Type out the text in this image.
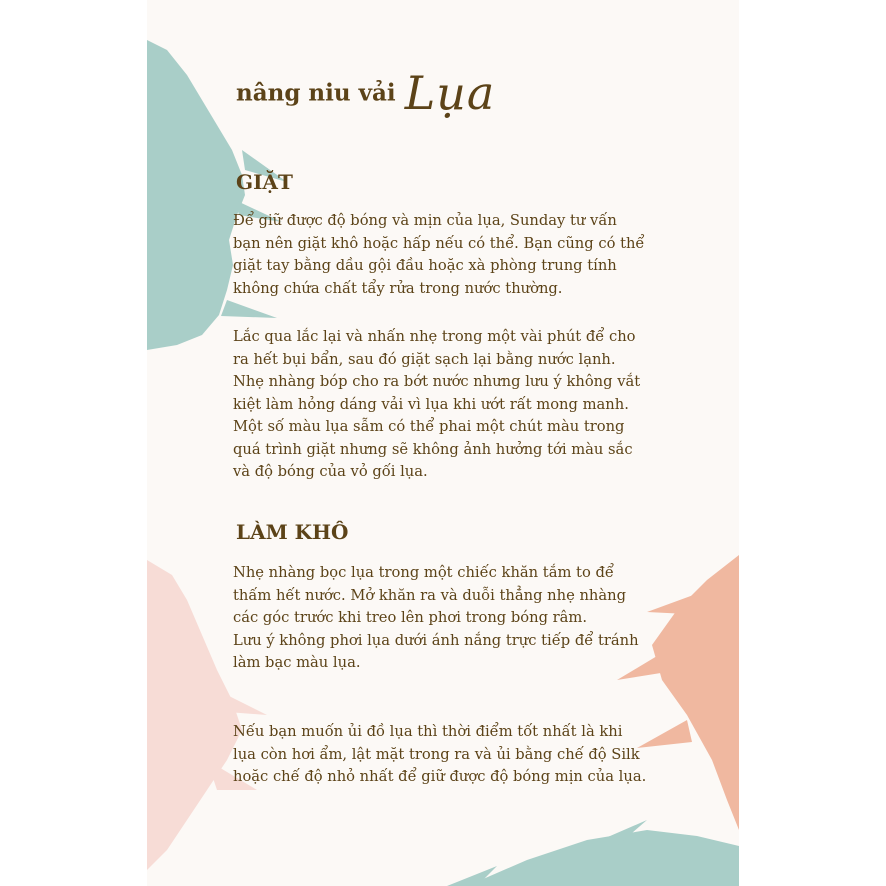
nâng niu vải Lụa
GIẶT

Để giữ được độ bóng và mịn của lụa, Sunday tư vấn
bạn nên giặt khô hoặc hấp nếu có thể. Bạn cũng có thể
giặt tay bằng dầu gội đầu hoặc xà phòng trung tính
không chứa chất tẩy rửa trong nước thường.

Lắc qua lắc lại và nhấn nhẹ trong một vài phút để cho
ra hết bụi bẩn, sau đó giặt sạch lại bằng nước lạnh.
Nhẹ nhàng bóp cho ra bớt nước nhưng lưu ý không vắt
kiệt làm hỏng dáng vải vì lụa khi ướt rất mong manh.
Một số màu lụa sẫm có thể phai một chút màu trong
quá trình giặt nhưng sẽ không ảnh hưởng tới màu sắc
và độ bóng của vỏ gối lụa.

LÀM KHÔ

Nhẹ nhàng bọc lụa trong một chiếc khăn tắm to để
thấm hết nước. Mở khăn ra và duỗi thẳng nhẹ nhàng
các góc trước khi treo lên phơi trong bóng râm.
Lưu ý không phơi lụa dưới ánh nắng trực tiếp để tránh
làm bạc màu lụa.

Nếu bạn muốn ủi đồ lụa thì thời điểm tốt nhất là khi
lụa còn hơi ẩm, lật mặt trong ra và ủi bằng chế độ Silk
hoặc chế độ nhỏ nhất để giữ được độ bóng mịn của lụa.
